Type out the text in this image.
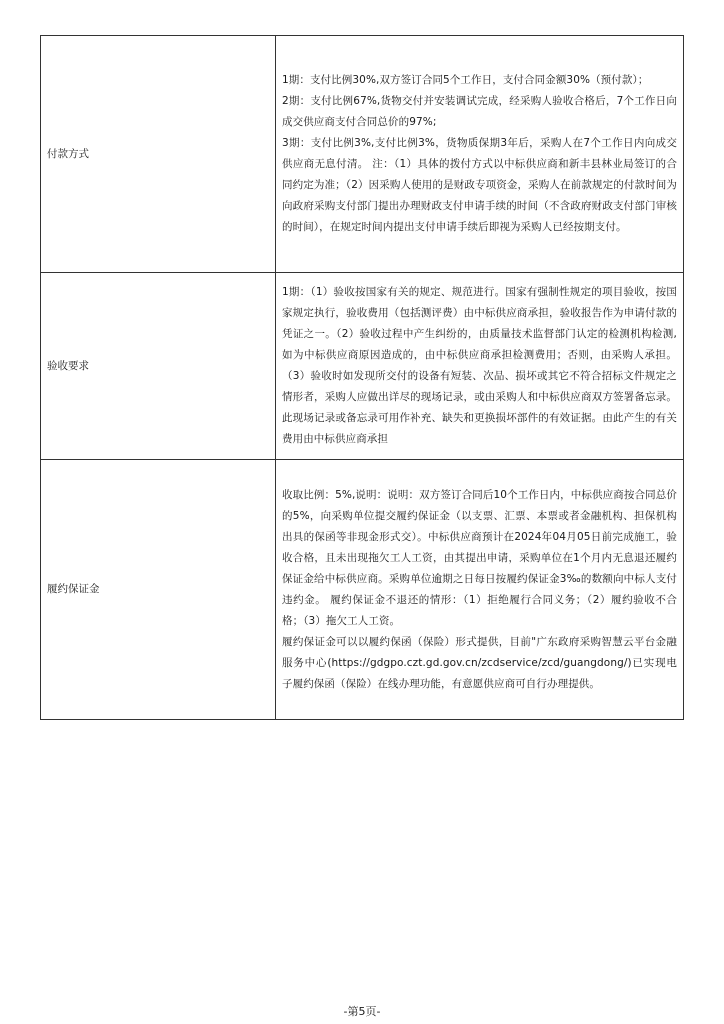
付款方式	1期：支付比例30%,双方签订合同5个工作日，支付合同金额30%（预付款）；

2期：支付比例67%,货物交付并安装调试完成，经采购人验收合格后，7个工作日向成交供应商支付合同总价的97%;

3期：支付比例3%,支付比例3%，货物质保期3年后，采购人在7个工作日内向成交供应商无息付清。 注：（1）具体的拨付方式以中标供应商和新丰县林业局签订的合同约定为准；（2）因采购人使用的是财政专项资金，采购人在前款规定的付款时间为向政府采购支付部门提出办理财政支付申请手续的时间（不含政府财政支付部门审核的时间），在规定时间内提出支付申请手续后即视为采购人已经按期支付。

验收要求	1期：（1）验收按国家有关的规定、规范进行。国家有强制性规定的项目验收，按国家规定执行，验收费用（包括测评费）由中标供应商承担，验收报告作为申请付款的凭证之一。（2）验收过程中产生纠纷的，由质量技术监督部门认定的检测机构检测,如为中标供应商原因造成的，由中标供应商承担检测费用；否则，由采购人承担。（3）验收时如发现所交付的设备有短装、次品、损坏或其它不符合招标文件规定之情形者，采购人应做出详尽的现场记录，或由采购人和中标供应商双方签署备忘录。此现场记录或备忘录可用作补充、缺失和更换损坏部件的有效证据。由此产生的有关费用由中标供应商承担

履约保证金	收取比例：5%,说明：说明：双方签订合同后10个工作日内，中标供应商按合同总价的5%，向采购单位提交履约保证金（以支票、汇票、本票或者金融机构、担保机构出具的保函等非现金形式交）。中标供应商预计在2024年04月05日前完成施工，验收合格，且未出现拖欠工人工资，由其提出申请，采购单位在1个月内无息退还履约保证金给中标供应商。采购单位逾期之日每日按履约保证金3‰的数额向中标人支付违约金。 履约保证金不退还的情形：（1）拒绝履行合同义务；（2）履约验收不合格；（3）拖欠工人工资。

履约保证金可以以履约保函（保险）形式提供，目前"广东政府采购智慧云平台金融服务中心(https://gdgpo.czt.gd.gov.cn/zcdservice/zcd/guangdong/)已实现电子履约保函（保险）在线办理功能，有意愿供应商可自行办理提供。

-第5页-
